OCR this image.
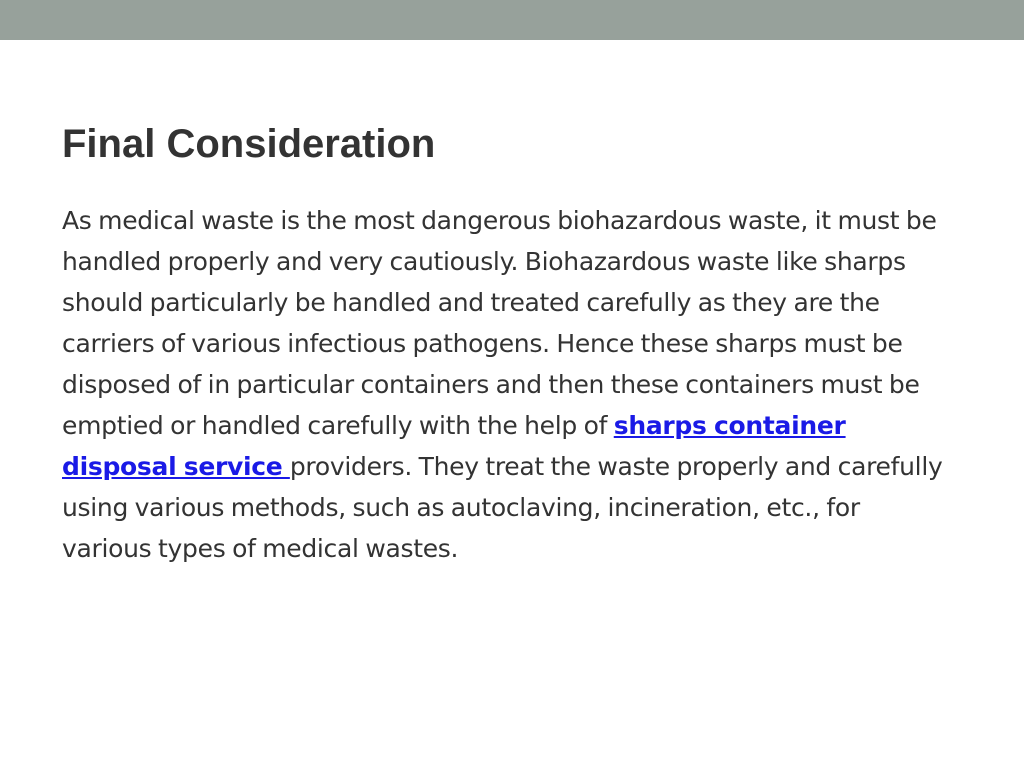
Final Consideration

As medical waste is the most dangerous biohazardous waste, it must be handled properly and very cautiously. Biohazardous waste like sharps should particularly be handled and treated carefully as they are the carriers of various infectious pathogens. Hence these sharps must be disposed of in particular containers and then these containers must be emptied or handled carefully with the help of sharps container disposal service providers. They treat the waste properly and carefully using various methods, such as autoclaving, incineration, etc., for various types of medical wastes.
